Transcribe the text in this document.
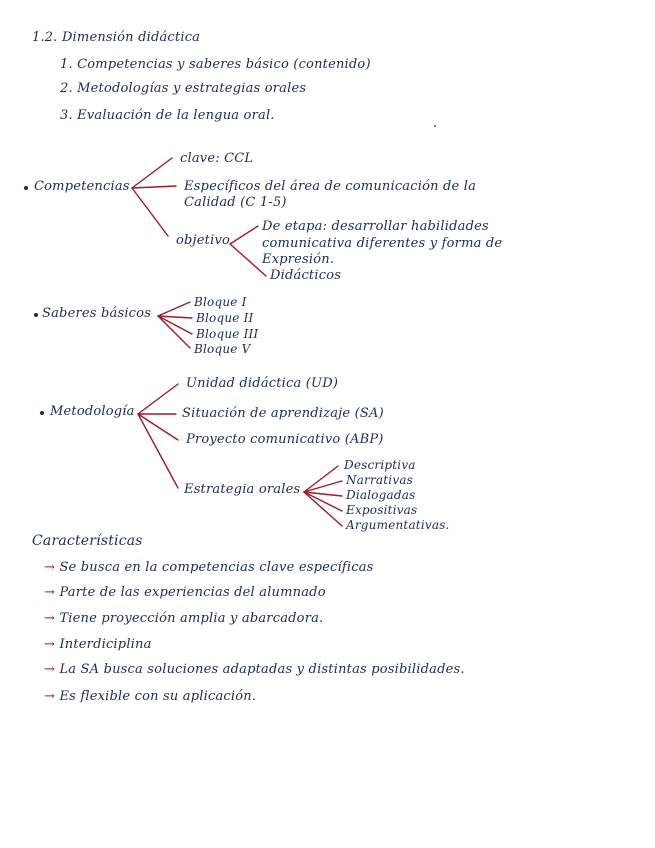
1.2. Dimensión didáctica
1. Competencias y saberes básico (contenido)
2. Metodologías y estrategias orales
3. Evaluación de la lengua oral.
Competencias
clave: CCL
Específicos del área de comunicación de la
Calidad (C 1-5)
objetivo
De etapa: desarrollar habilidades
comunicativa diferentes y forma de
Expresión.
Didácticos
Saberes básicos
Bloque I
Bloque II
Bloque III
Bloque V
Metodología
Unidad didáctica (UD)
Situación de aprendizaje (SA)
Proyecto comunicativo (ABP)
Estrategia orales
Descriptiva
Narrativas
Dialogadas
Expositivas
Argumentativas.
Características
→ Se busca en la competencias clave específicas
→ Parte de las experiencias del alumnado
→ Tiene proyección amplia y abarcadora.
→ Interdiciplina
→ La SA busca soluciones adaptadas y distintas posibilidades.
→ Es flexible con su aplicación.
